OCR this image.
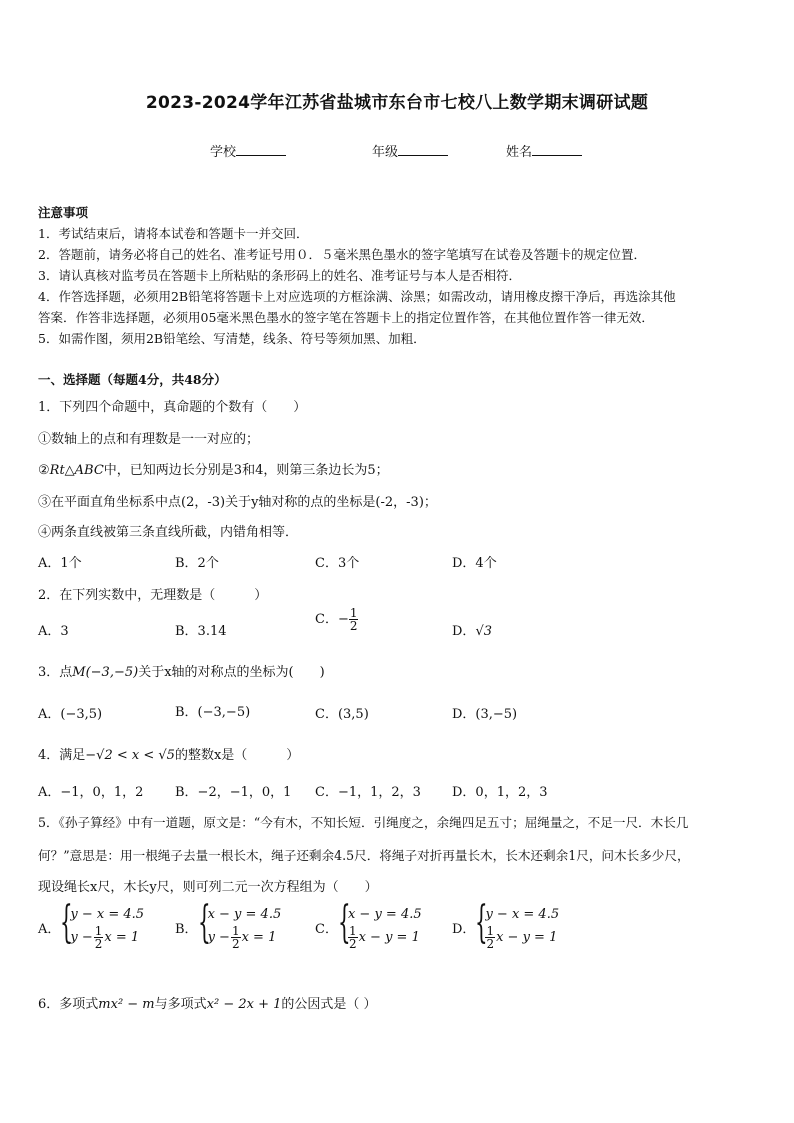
2023-2024学年江苏省盐城市东台市七校八上数学期末调研试题
学校	年级	姓名
注意事项
1．考试结束后，请将本试卷和答题卡一并交回．
2．答题前，请务必将自己的姓名、准考证号用０．５毫米黑色墨水的签字笔填写在试卷及答题卡的规定位置．
3．请认真核对监考员在答题卡上所粘贴的条形码上的姓名、准考证号与本人是否相符．
4．作答选择题，必须用2B铅笔将答题卡上对应选项的方框涂满、涂黑；如需改动，请用橡皮擦干净后，再选涂其他
答案．作答非选择题，必须用05毫米黑色墨水的签字笔在答题卡上的指定位置作答，在其他位置作答一律无效．
5．如需作图，须用2B铅笔绘、写清楚，线条、符号等须加黑、加粗．
一、选择题（每题4分，共48分）
1．下列四个命题中，真命题的个数有（　　）
①数轴上的点和有理数是一一对应的；
②Rt△ABC中，已知两边长分别是3和4，则第三条边长为5；
③在平面直角坐标系中点(2，-3)关于y轴对称的点的坐标是(-2，-3)；
④两条直线被第三条直线所截，内错角相等．
A．1个	B．2个	C．3个	D．4个
2．在下列实数中，无理数是（　　　）
A．3	B．3.14
C．− $\frac{1}{2}$	D．√3
3．点M(−3,−5)关于x轴的对称点的坐标为(　　)
A．(−3,5)	B．(−3,−5)	C．(3,5)	D．(3,−5)
4．满足−√2 < x < √5的整数x是（　　　）
A．−1，0，1，2 B．−2，−1，0，1 C．−1，1，2，3 D．0，1，2，3
5．《孙子算经》中有一道题，原文是：“今有木，不知长短．引绳度之，余绳四足五寸；屈绳量之，不足一尺．木长几
何？”意思是：用一根绳子去量一根长木，绳子还剩余4.5尺．将绳子对折再量长木，长木还剩余1尺，问木长多少尺，
现设绳长x尺，木长y尺，则可列二元一次方程组为（　　）
A． {
y − x = 4.5
$y - \frac{1}{2}$ x = 1	B． {
x − y = 4.5
$y - \frac{1}{2}$ x = 1	C． {
x − y = 4.5
$\frac{1}{2}$ x − y = 1 D． {
y − x = 4.5
$\frac{1}{2}$ x − y = 1
6．多项式mx² − m与多项式x² − 2x + 1的公因式是（ ）
